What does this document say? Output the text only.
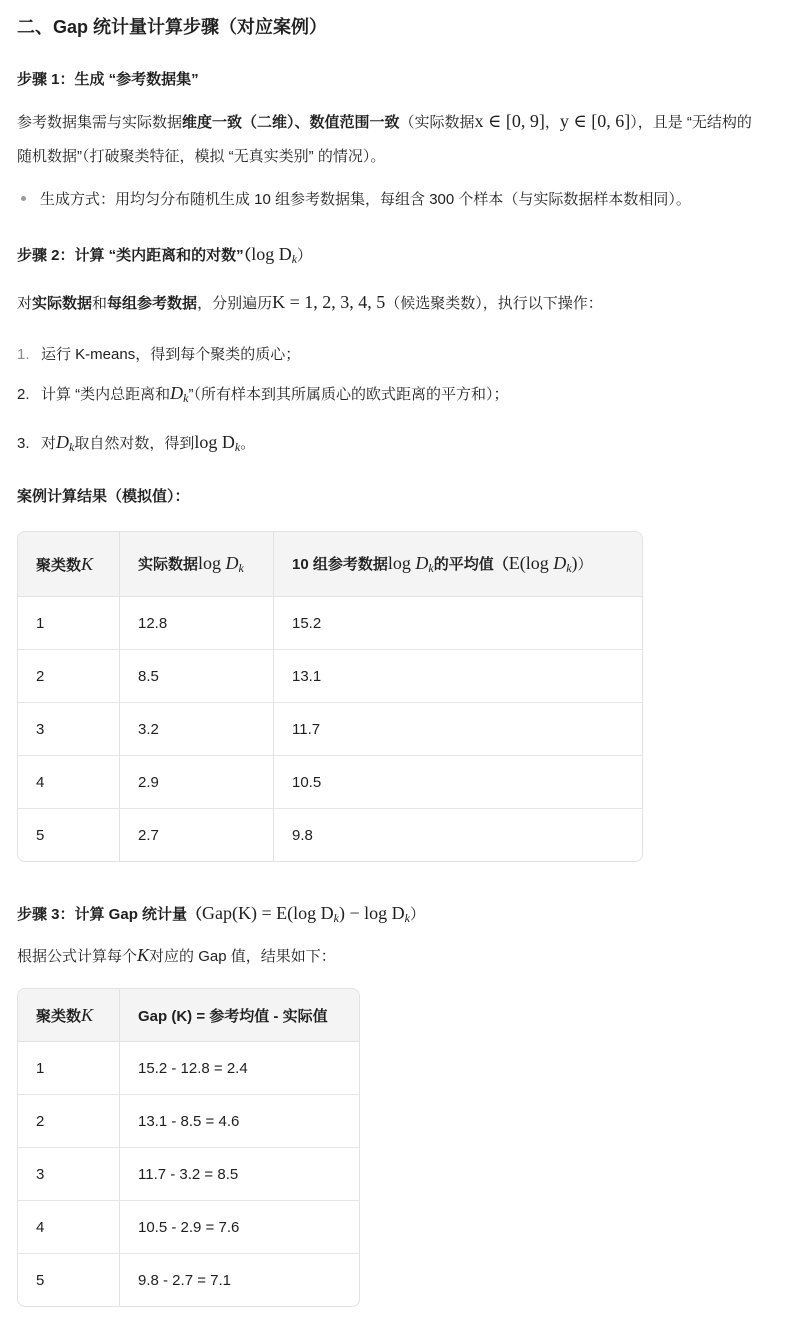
二、Gap 统计量计算步骤（对应案例）
步骤 1：生成 “参考数据集”
参考数据集需与实际数据维度一致（二维）、数值范围一致（实际数据x ∈ [0, 9]，y ∈ [0, 6]），且是 “无结构的
随机数据”（打破聚类特征，模拟 “无真实类别” 的情况）。
生成方式：用均匀分布随机生成 10 组参考数据集，每组含 300 个样本（与实际数据样本数相同）。
步骤 2：计算 “类内距离和的对数”（log $D_k$）
对实际数据和每组参考数据，分别遍历K = 1, 2, 3, 4, 5（候选聚类数），执行以下操作：
1. 运行 K-means，得到每个聚类的质心；
2. 计算 “类内总距离和$D_k$”（所有样本到其所属质心的欧式距离的平方和）；
3. 对$D_k$取自然对数，得到$\log D_k$。
案例计算结果（模拟值）：
聚类数K	实际数据$\log D_k$	10 组参考数据$\log D_k$的平均值（E(log $D_k$)）
1	12.8	15.2
2	8.5	13.1
3	3.2	11.7
4	2.9	10.5
5	2.7	9.8
步骤 3：计算 Gap 统计量（Gap(K) = E(log $D_k) - \log D_k$）
根据公式计算每个K对应的 Gap 值，结果如下：
聚类数K	Gap (K) = 参考均值 - 实际值
1	15.2 - 12.8 = 2.4
2	13.1 - 8.5 = 4.6
3	11.7 - 3.2 = 8.5
4	10.5 - 2.9 = 7.6
5	9.8 - 2.7 = 7.1
